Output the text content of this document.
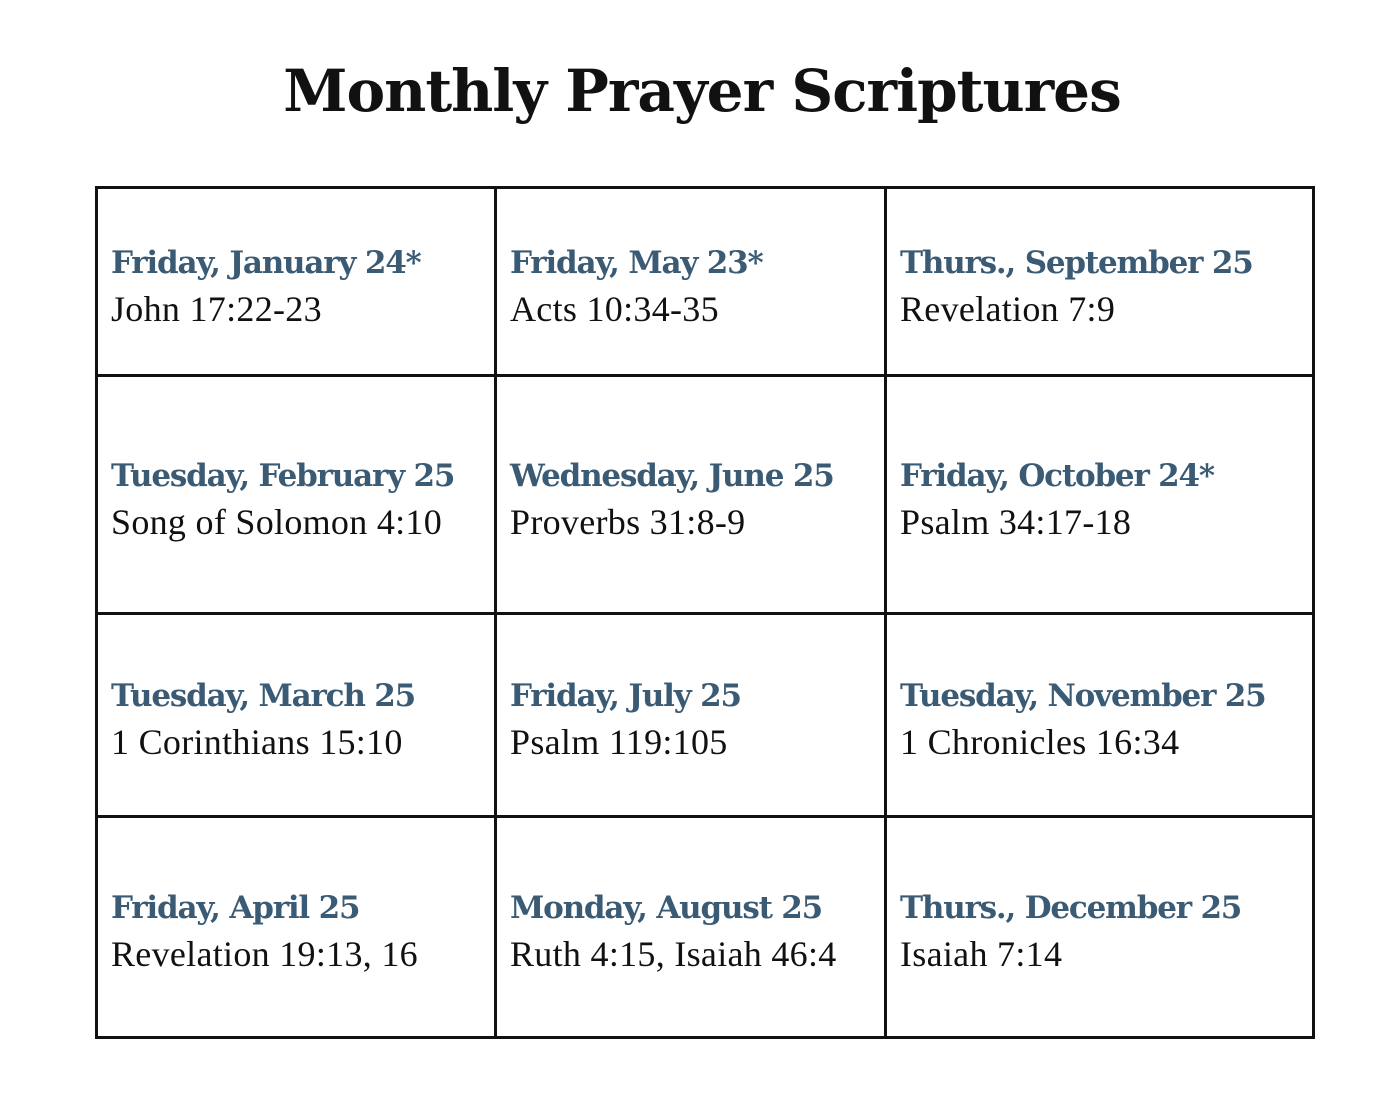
Monthly Prayer Scriptures
Friday, January 24*
John 17:22-23
Friday, May 23*
Acts 10:34-35
Thurs., September 25
Revelation 7:9
Tuesday, February 25
Song of Solomon 4:10
Wednesday, June 25
Proverbs 31:8-9
Friday, October 24*
Psalm 34:17-18
Tuesday, March 25
1 Corinthians 15:10
Friday, July 25
Psalm 119:105
Tuesday, November 25
1 Chronicles 16:34
Friday, April 25
Revelation 19:13, 16
Monday, August 25
Ruth 4:15, Isaiah 46:4
Thurs., December 25
Isaiah 7:14
